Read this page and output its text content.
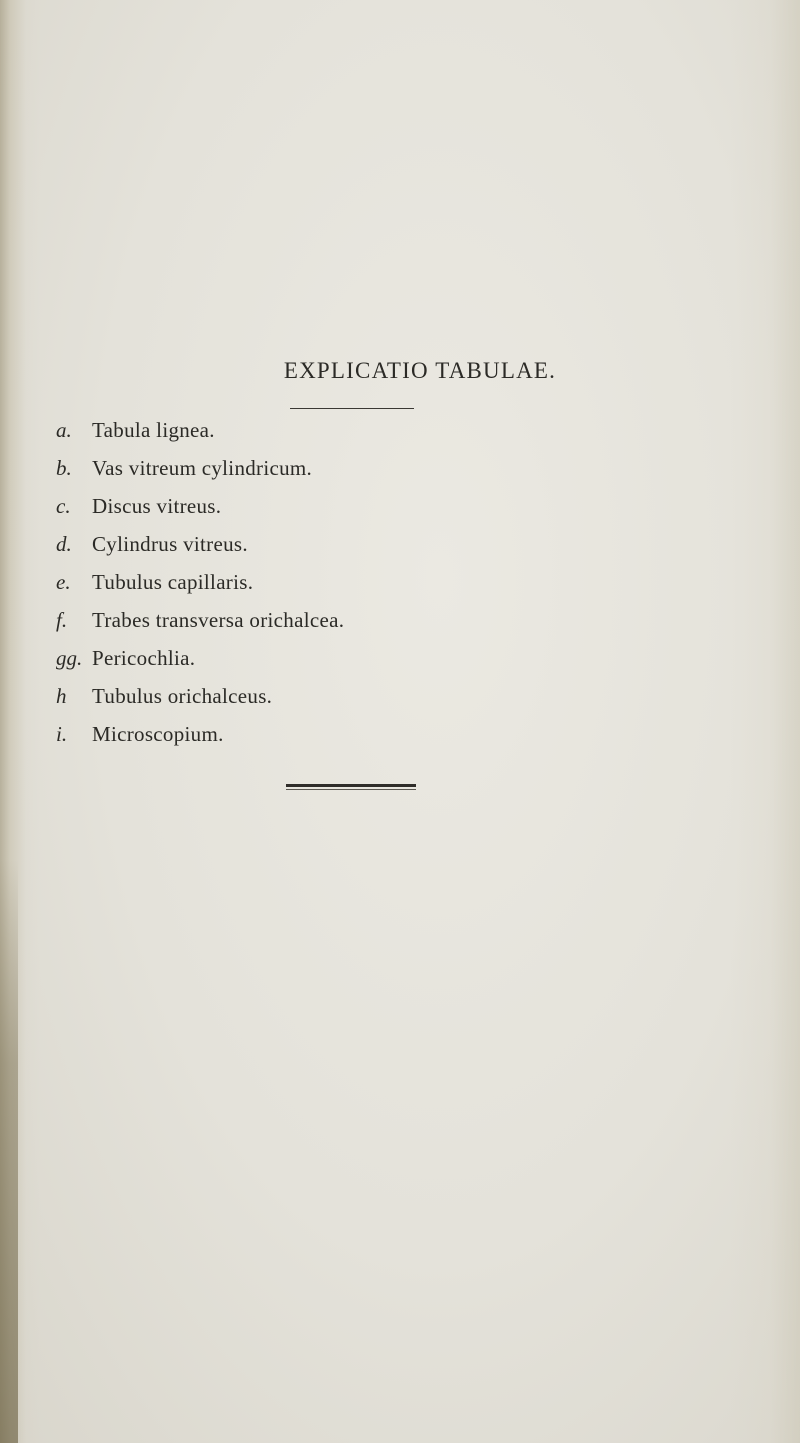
EXPLICATIO TABULAE.
a. Tabula lignea.
b. Vas vitreum cylindricum.
c. Discus vitreus.
d. Cylindrus vitreus.
e. Tubulus capillaris.
f. Trabes transversa orichalcea.
gg. Pericochlia.
h Tubulus orichalceus.
i. Microscopium.
